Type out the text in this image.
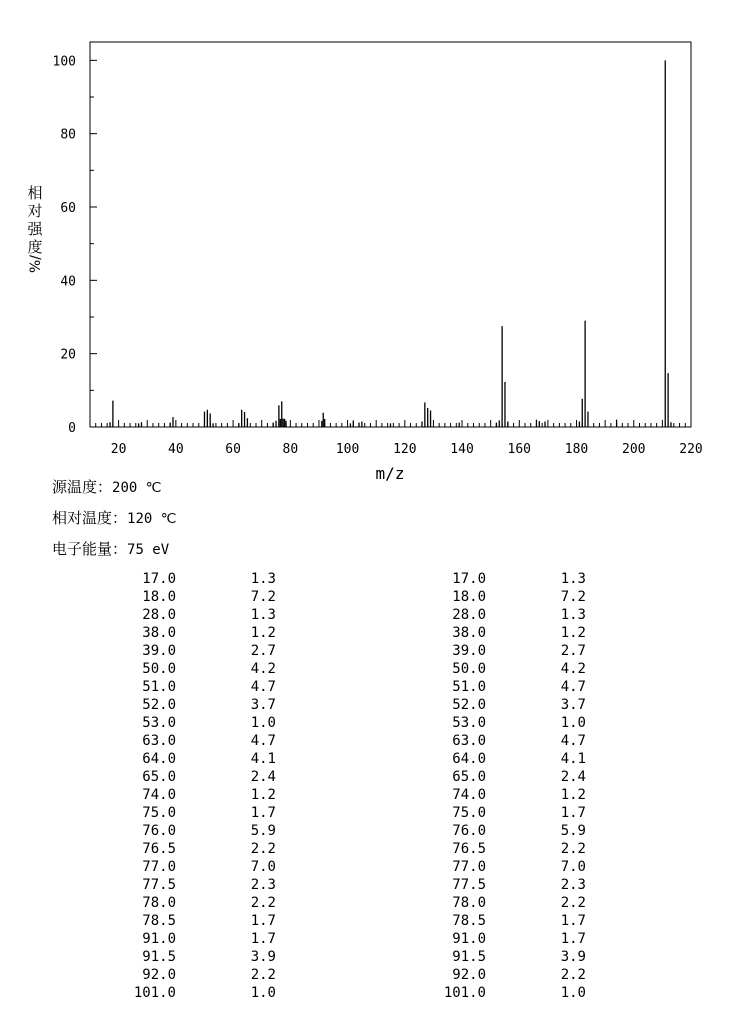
20	40	60	80	100	120	140	160	180	200	220
0
20
40
60
80
100
m/z
相
对
强
度
%/
源温度：200 ℃
相对温度：120 ℃
电子能量：75 eV
17.0	1.3
18.0	7.2
28.0	1.3
38.0	1.2
39.0	2.7
50.0	4.2
51.0	4.7
52.0	3.7
53.0	1.0
63.0	4.7
64.0	4.1
65.0	2.4
74.0	1.2
75.0	1.7
76.0	5.9
76.5	2.2
77.0	7.0
77.5	2.3
78.0	2.2
78.5	1.7
91.0	1.7
91.5	3.9
92.0	2.2
101.0	1.0
17.0	1.3
18.0	7.2
28.0	1.3
38.0	1.2
39.0	2.7
50.0	4.2
51.0	4.7
52.0	3.7
53.0	1.0
63.0	4.7
64.0	4.1
65.0	2.4
74.0	1.2
75.0	1.7
76.0	5.9
76.5	2.2
77.0	7.0
77.5	2.3
78.0	2.2
78.5	1.7
91.0	1.7
91.5	3.9
92.0	2.2
101.0	1.0
